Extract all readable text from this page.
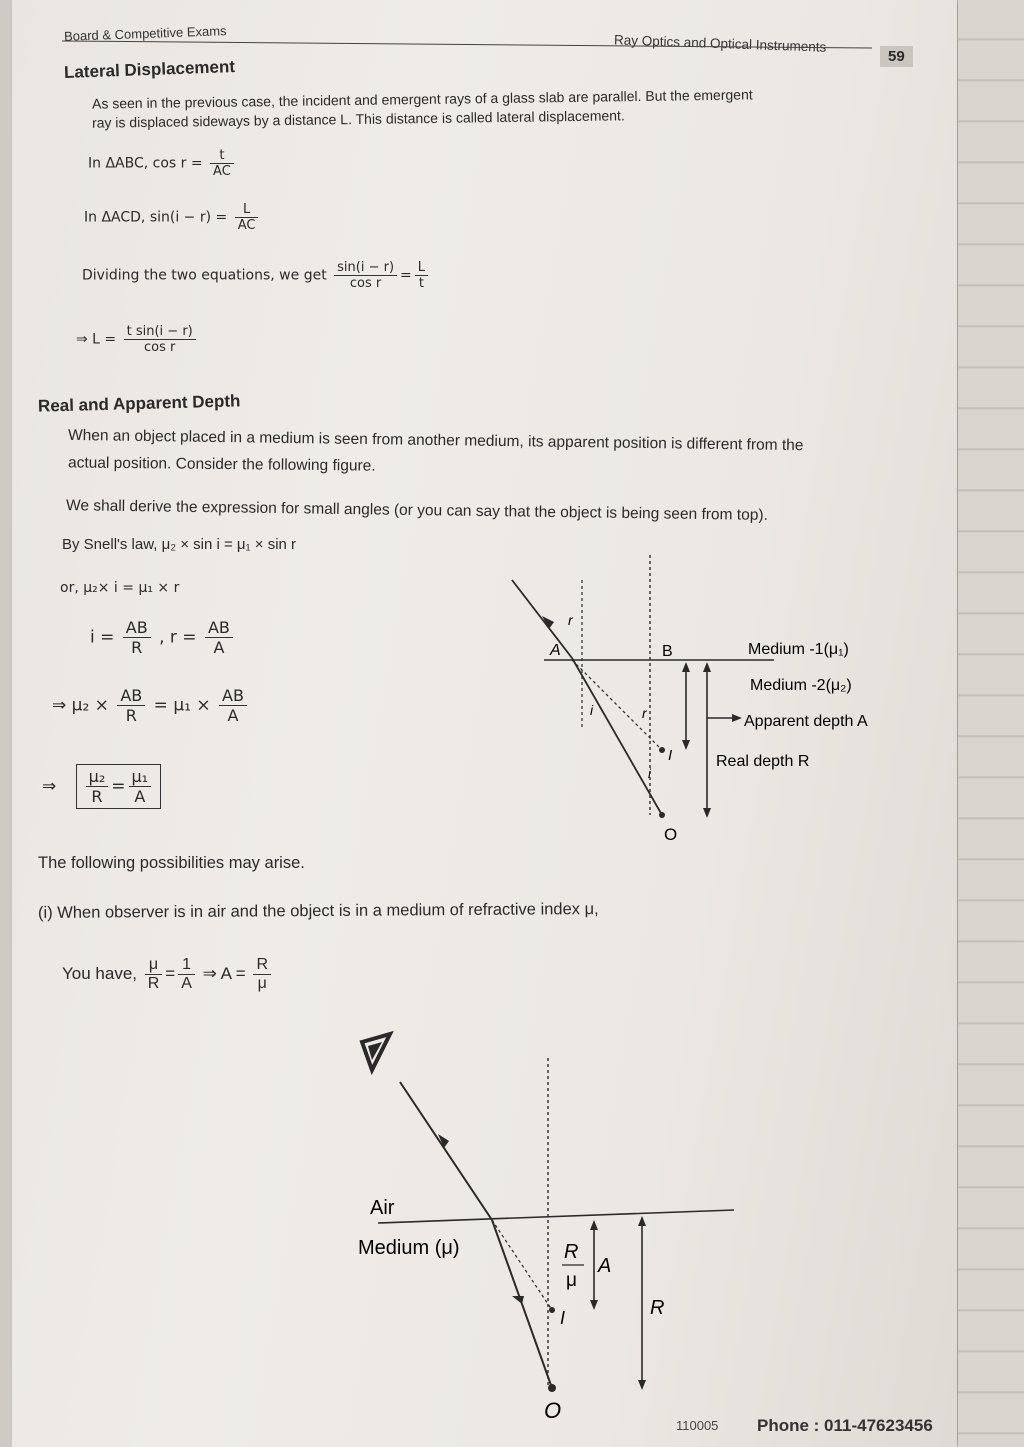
Board & Competitive Exams	Ray Optics and Optical Instruments
59
Lateral Displacement
As seen in the previous case, the incident and emergent rays of a glass slab are parallel. But the emergent
ray is displaced sideways by a distance L. This distance is called lateral displacement.
In ΔABC, $\cos r = \frac{t}{AC}$
In ΔACD, $\sin(i - r) = \frac{L}{AC}$
Dividing the two equations, we get $\frac{\sin(i - r)}{\text{cos r}} = \frac{L}{t}$
⇒ $L = \frac{\text{t sin(i − r)}}{\text{cos r}}$
Real and Apparent Depth
When an object placed in a medium is seen from another medium, its apparent position is different from the
actual position. Consider the following figure.
We shall derive the expression for small angles (or you can say that the object is being seen from top).
By Snell's law, μ₂ × sin i = μ₁ × sin r
or, μ₂× i = μ₁ × r
$i = \frac{AB}{R}$ , $r = \frac{AB}{A}$
⇒ $\mu_2 \times \frac{AB}{R} = \mu_1 \times \frac{AB}{A}$
⇒ $\frac{\text{μ₂}}{R} = \frac{\text{μ₁}}{A}$
A	B
r
i	r
I
i
O
Medium -1(μ₁)
Medium -2(μ₂)
Apparent depth A
Real depth R
The following possibilities may arise.
(i) When observer is in air and the object is in a medium of refractive index μ,
You have, $\frac{\mu}{R} = \frac{1}{A}$ ⇒ $A = \frac{R}{\mu}$
Air
Medium (μ)	R
μ
A
R
I
O
110005 Phone : 011-47623456
